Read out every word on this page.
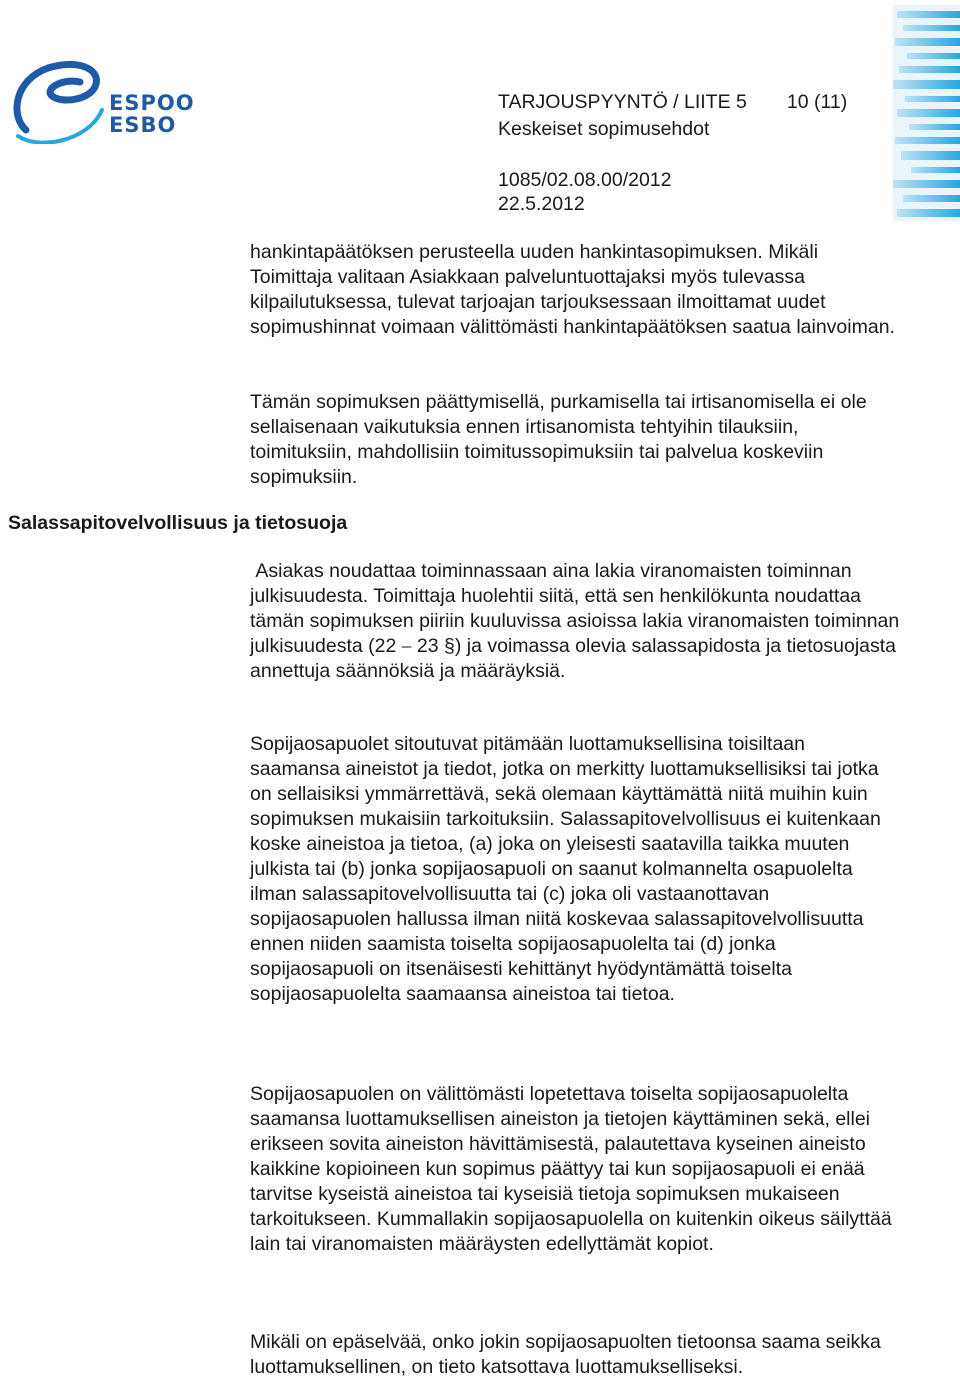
ESPOO
ESBO
TARJOUSPYYNTÖ / LIITE 5 10 (11)
Keskeiset sopimusehdot
1085/02.08.00/2012
22.5.2012
Salassapitovelvollisuus ja tietosuoja

hankintapäätöksen perusteella uuden hankintasopimuksen. Mikäli Toimittaja valitaan Asiakkaan palveluntuottajaksi myös tulevassa kilpailutuksessa, tulevat tarjoajan tarjouksessaan ilmoittamat uudet sopimushinnat voimaan välittömästi hankintapäätöksen saatua lainvoiman.

Tämän sopimuksen päättymisellä, purkamisella tai irtisanomisella ei ole sellaisenaan vaikutuksia ennen irtisanomista tehtyihin tilauksiin, toimituksiin, mahdollisiin toimitussopimuksiin tai palvelua koskeviin sopimuksiin.

Asiakas noudattaa toiminnassaan aina lakia viranomaisten toiminnan julkisuudesta. Toimittaja huolehtii siitä, että sen henkilökunta noudattaa tämän sopimuksen piiriin kuuluvissa asioissa lakia viranomaisten toiminnan julkisuudesta (22 ⎯ 23 §) ja voimassa olevia salassapidosta ja tietosuojasta annettuja säännöksiä ja määräyksiä.

Sopijaosapuolet sitoutuvat pitämään luottamuksellisina toisiltaan saamansa aineistot ja tiedot, jotka on merkitty luottamuksellisiksi tai jotka on sellaisiksi ymmärrettävä, sekä olemaan käyttämättä niitä muihin kuin sopimuksen mukaisiin tarkoituksiin. Salassapitovelvollisuus ei kuitenkaan koske aineistoa ja tietoa, (a) joka on yleisesti saatavilla taikka muuten julkista tai (b) jonka sopijaosapuoli on saanut kolmannelta osapuolelta ilman salassapitovelvollisuutta tai (c) joka oli vastaanottavan sopijaosapuolen hallussa ilman niitä koskevaa salassapitovelvollisuutta ennen niiden saamista toiselta sopijaosapuolelta tai (d) jonka sopijaosapuoli on itsenäisesti kehittänyt hyödyntämättä toiselta sopijaosapuolelta saamaansa aineistoa tai tietoa.

Sopijaosapuolen on välittömästi lopetettava toiselta sopijaosapuolelta saamansa luottamuksellisen aineiston ja tietojen käyttäminen sekä, ellei erikseen sovita aineiston hävittämisestä, palautettava kyseinen aineisto kaikkine kopioineen kun sopimus päättyy tai kun sopijaosapuoli ei enää tarvitse kyseistä aineistoa tai kyseisiä tietoja sopimuksen mukaiseen tarkoitukseen. Kummallakin sopijaosapuolella on kuitenkin oikeus säilyttää lain tai viranomaisten määräysten edellyttämät kopiot.

Mikäli on epäselvää, onko jokin sopijaosapuolten tietoonsa saama seikka luottamuksellinen, on tieto katsottava luottamukselliseksi.
